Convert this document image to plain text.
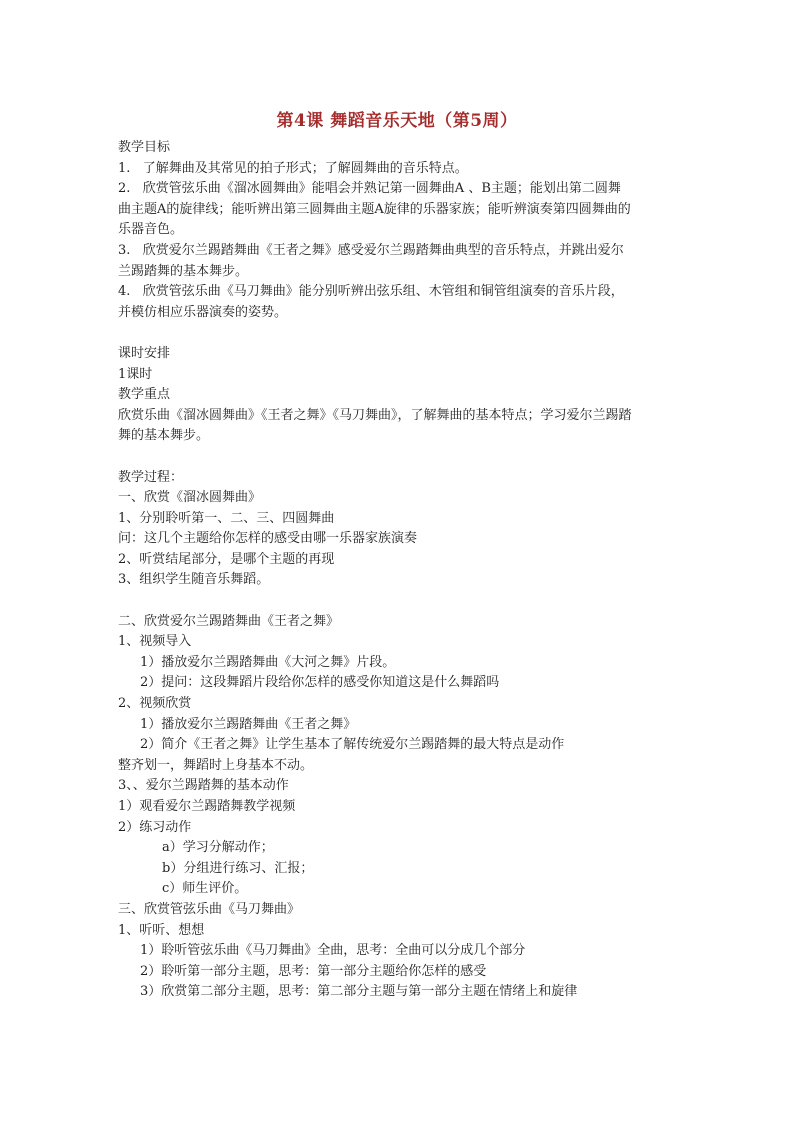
第4课 舞蹈音乐天地（第5周）
教学目标
1.   了解舞曲及其常见的拍子形式；了解圆舞曲的音乐特点。
2.   欣赏管弦乐曲《溜冰圆舞曲》能唱会并熟记第一圆舞曲A 、B主题；能划出第二圆舞
曲主题A的旋律线；能听辨出第三圆舞曲主题A旋律的乐器家族；能听辨演奏第四圆舞曲的
乐器音色。
3.   欣赏爱尔兰踢踏舞曲《王者之舞》感受爱尔兰踢踏舞曲典型的音乐特点，并跳出爱尔
兰踢踏舞的基本舞步。
4.   欣赏管弦乐曲《马刀舞曲》能分别听辨出弦乐组、木管组和铜管组演奏的音乐片段，
并模仿相应乐器演奏的姿势。
课时安排
1课时
教学重点
欣赏乐曲《溜冰圆舞曲》《王者之舞》《马刀舞曲》，了解舞曲的基本特点；学习爱尔兰踢踏
舞的基本舞步。
教学过程：
一、欣赏《溜冰圆舞曲》
1、分别聆听第一、二、三、四圆舞曲
问：这几个主题给你怎样的感受由哪一乐器家族演奏
2、听赏结尾部分，是哪个主题的再现
3、组织学生随音乐舞蹈。
二、欣赏爱尔兰踢踏舞曲《王者之舞》
1、视频导入
1）播放爱尔兰踢踏舞曲《大河之舞》片段。
2）提问：这段舞蹈片段给你怎样的感受你知道这是什么舞蹈吗
2、视频欣赏
1）播放爱尔兰踢踏舞曲《王者之舞》
2）简介《王者之舞》让学生基本了解传统爱尔兰踢踏舞的最大特点是动作
整齐划一，舞蹈时上身基本不动。
3、、爱尔兰踢踏舞的基本动作
1）观看爱尔兰踢踏舞教学视频
2）练习动作
a）学习分解动作；
b）分组进行练习、汇报；
c）师生评价。
三、欣赏管弦乐曲《马刀舞曲》
1、听听、想想
1）聆听管弦乐曲《马刀舞曲》全曲，思考：全曲可以分成几个部分
2）聆听第一部分主题，思考：第一部分主题给你怎样的感受
3）欣赏第二部分主题，思考：第二部分主题与第一部分主题在情绪上和旋律
